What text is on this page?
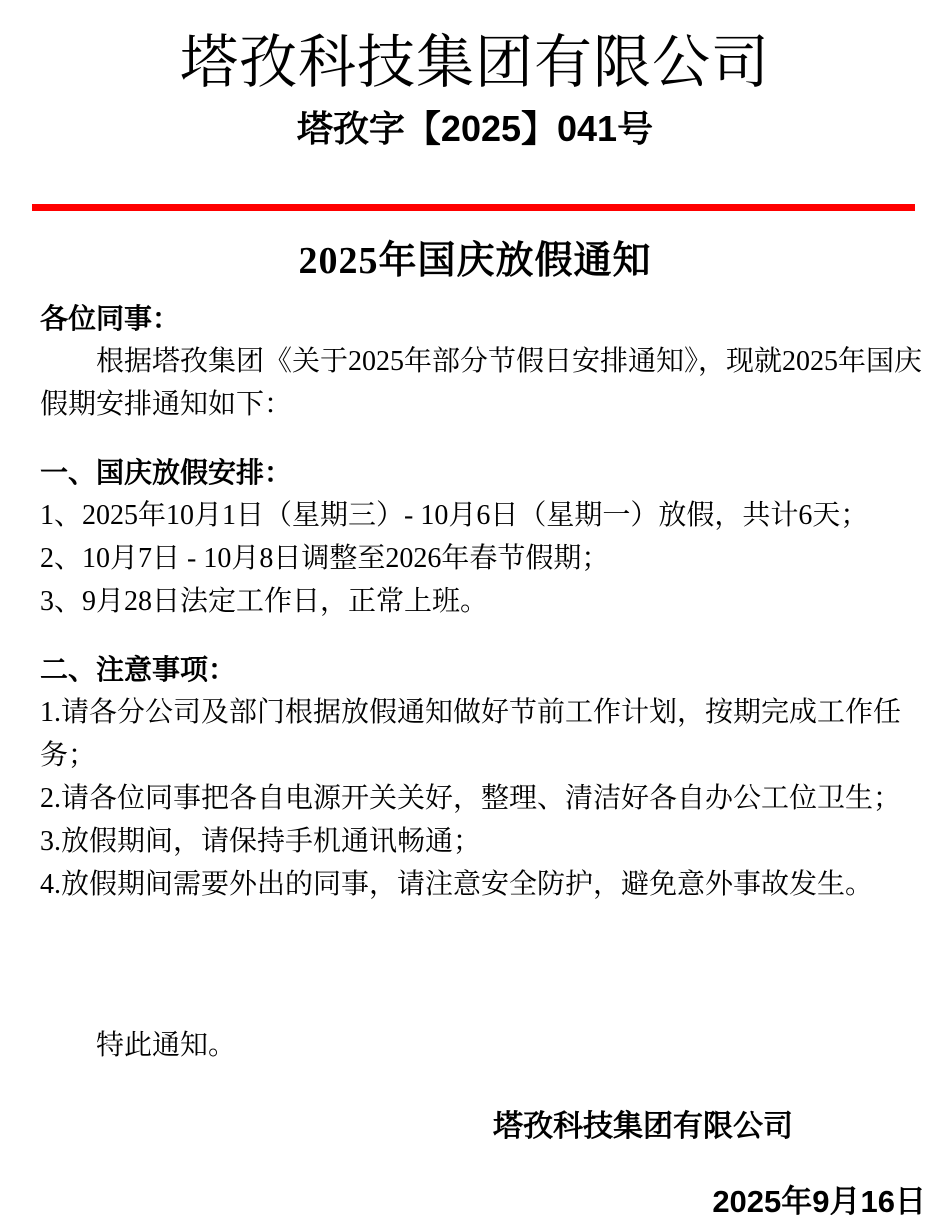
塔孜科技集团有限公司
塔孜字【2025】041号
2025年国庆放假通知

各位同事：

根据塔孜集团《关于2025年部分节假日安排通知》，现就2025年国庆假期安排通知如下：

一、国庆放假安排：

1、2025年10月1日（星期三）- 10月6日（星期一）放假，共计6天；

2、10月7日 - 10月8日调整至2026年春节假期；

3、9月28日法定工作日，正常上班。

二、注意事项：

1.请各分公司及部门根据放假通知做好节前工作计划，按期完成工作任务；

2.请各位同事把各自电源开关关好，整理、清洁好各自办公工位卫生；

3.放假期间，请保持手机通讯畅通；

4.放假期间需要外出的同事，请注意安全防护，避免意外事故发生。

特此通知。

塔孜科技集团有限公司

2025年9月16日
